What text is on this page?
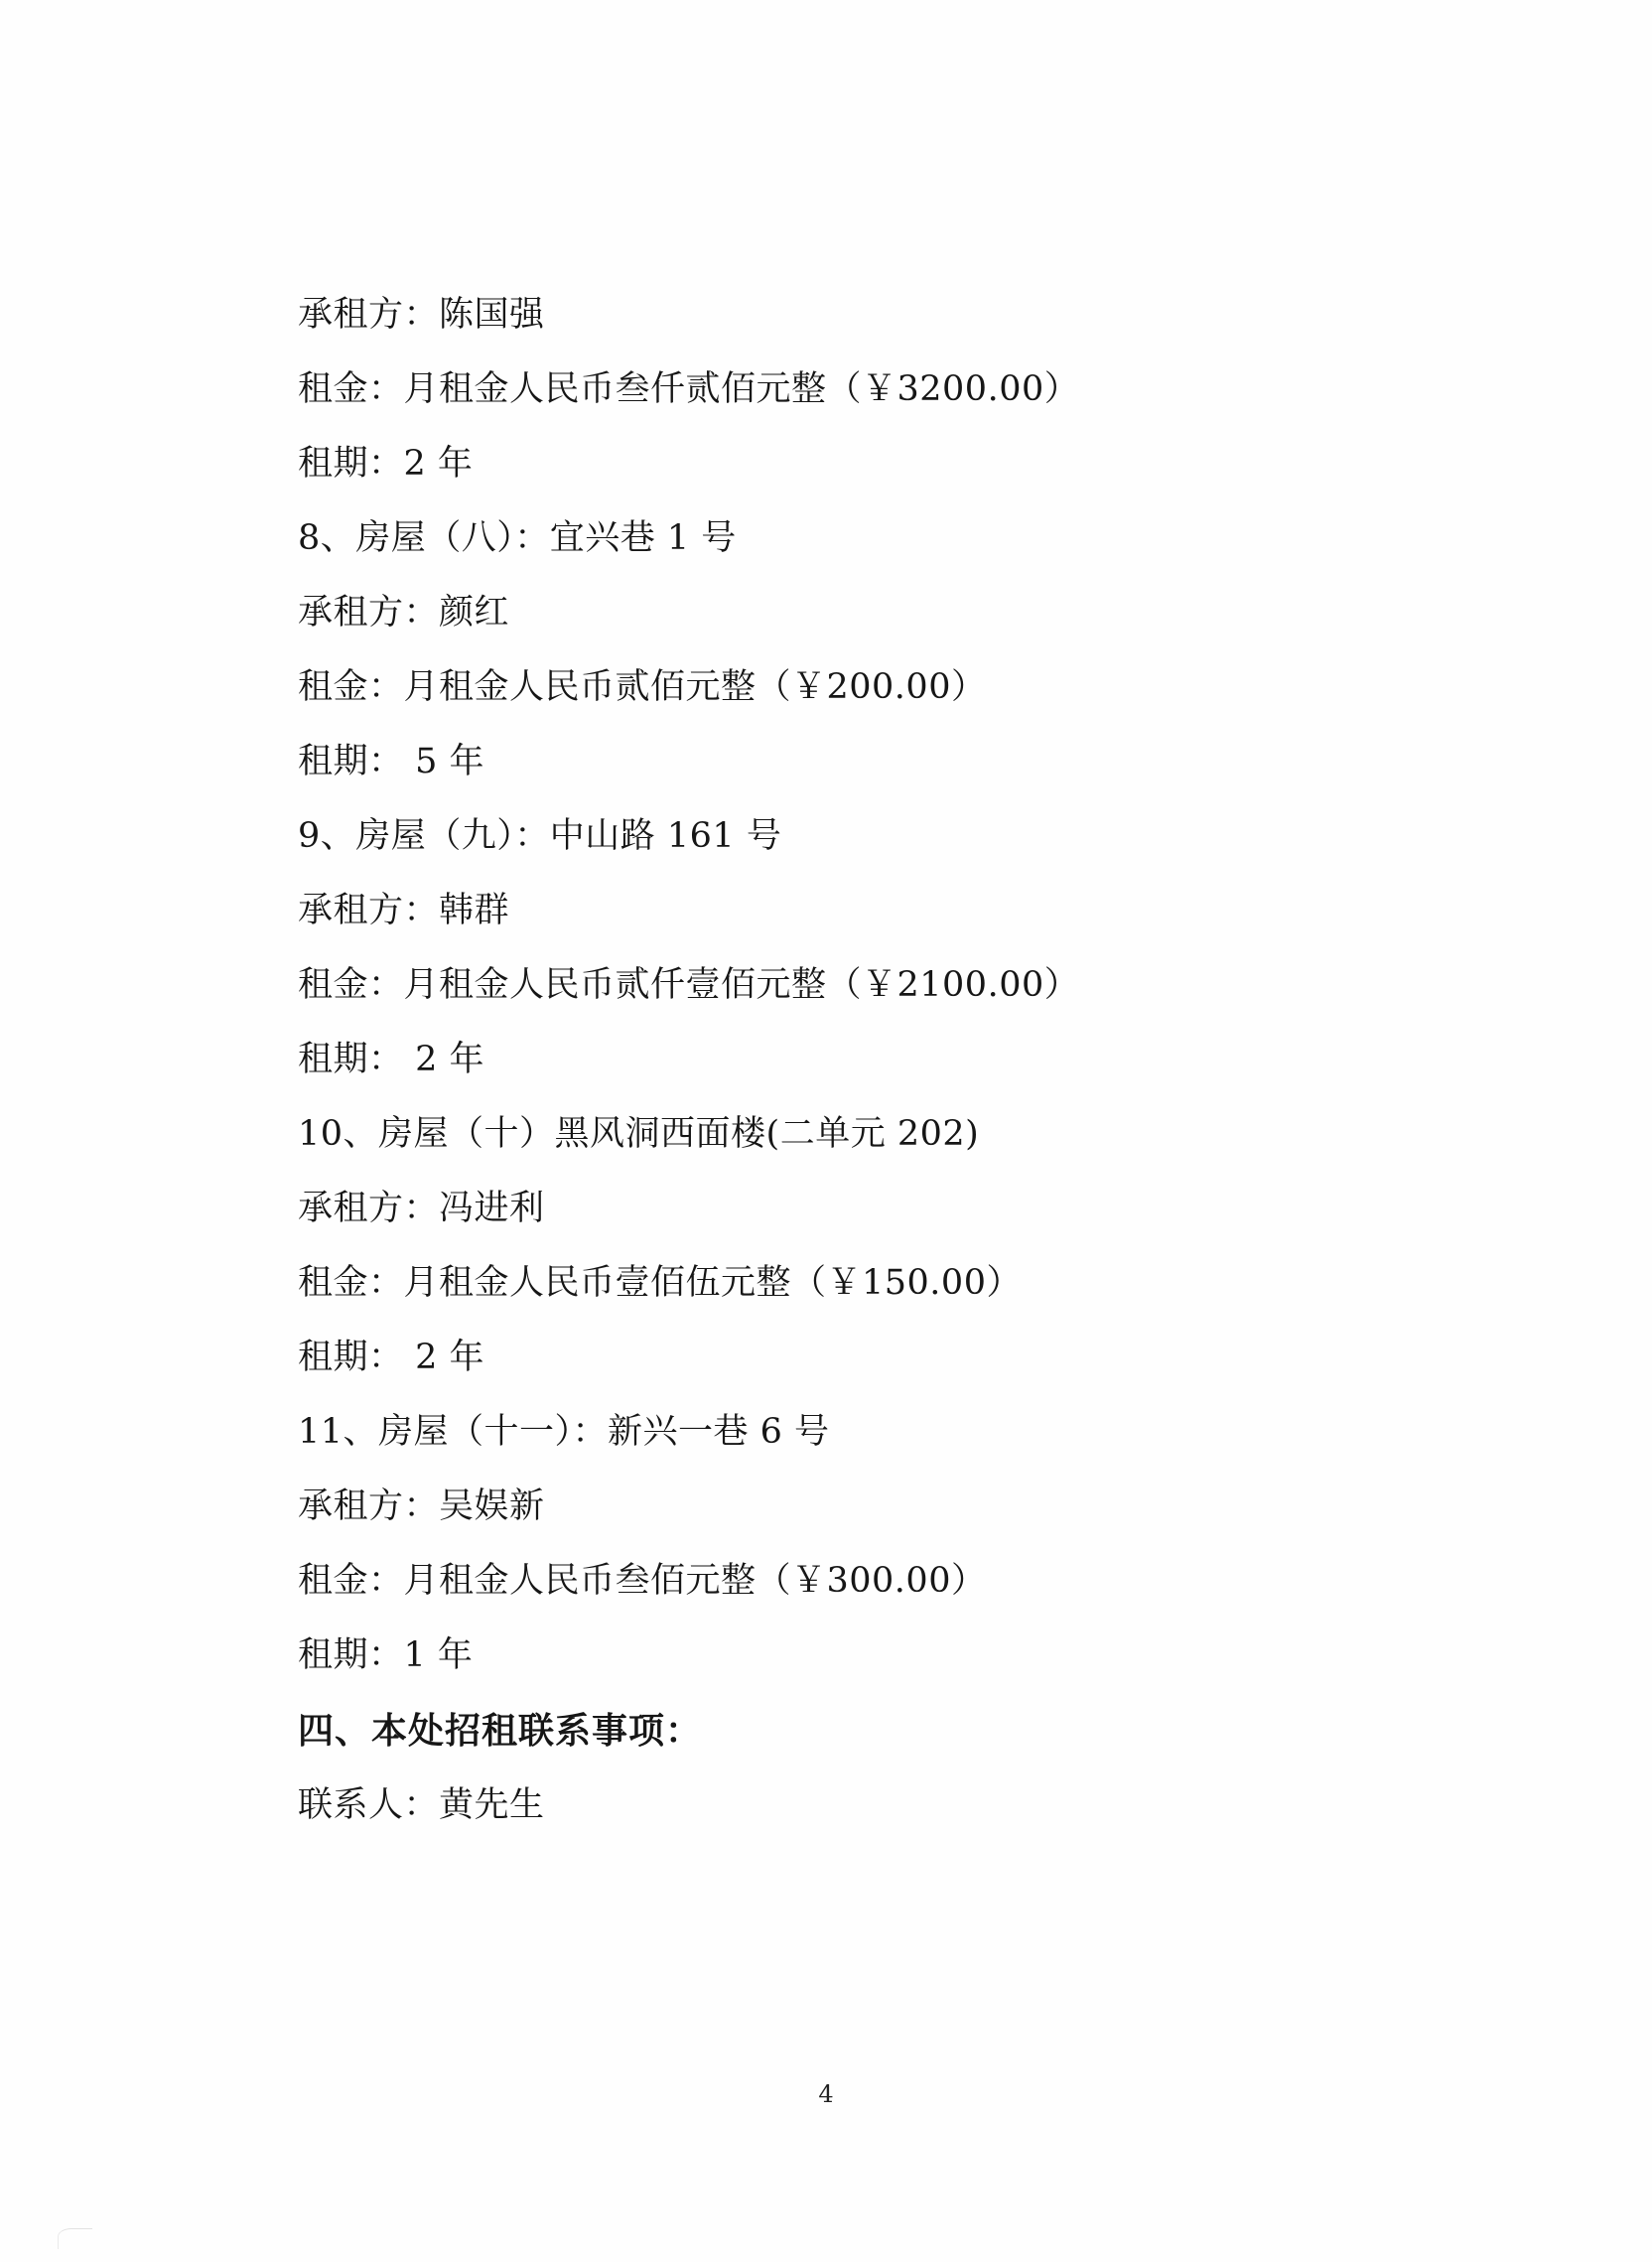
承租方：陈国强
租金：月租金人民币叁仟贰佰元整（￥3200.00）
租期：2 年
8、房屋（八）：宜兴巷 1 号
承租方：颜红
租金：月租金人民币贰佰元整（￥200.00）
租期： 5 年
9、房屋（九）：中山路 161 号
承租方：韩群
租金：月租金人民币贰仟壹佰元整（￥2100.00）
租期： 2 年
10、房屋（十）黑风洞西面楼(二单元 202)
承租方：冯进利
租金：月租金人民币壹佰伍元整（￥150.00）
租期： 2 年
11、房屋（十一）：新兴一巷 6 号
承租方：吴娱新
租金：月租金人民币叁佰元整（￥300.00）
租期：1 年
四、本处招租联系事项：
联系人：黄先生
4
